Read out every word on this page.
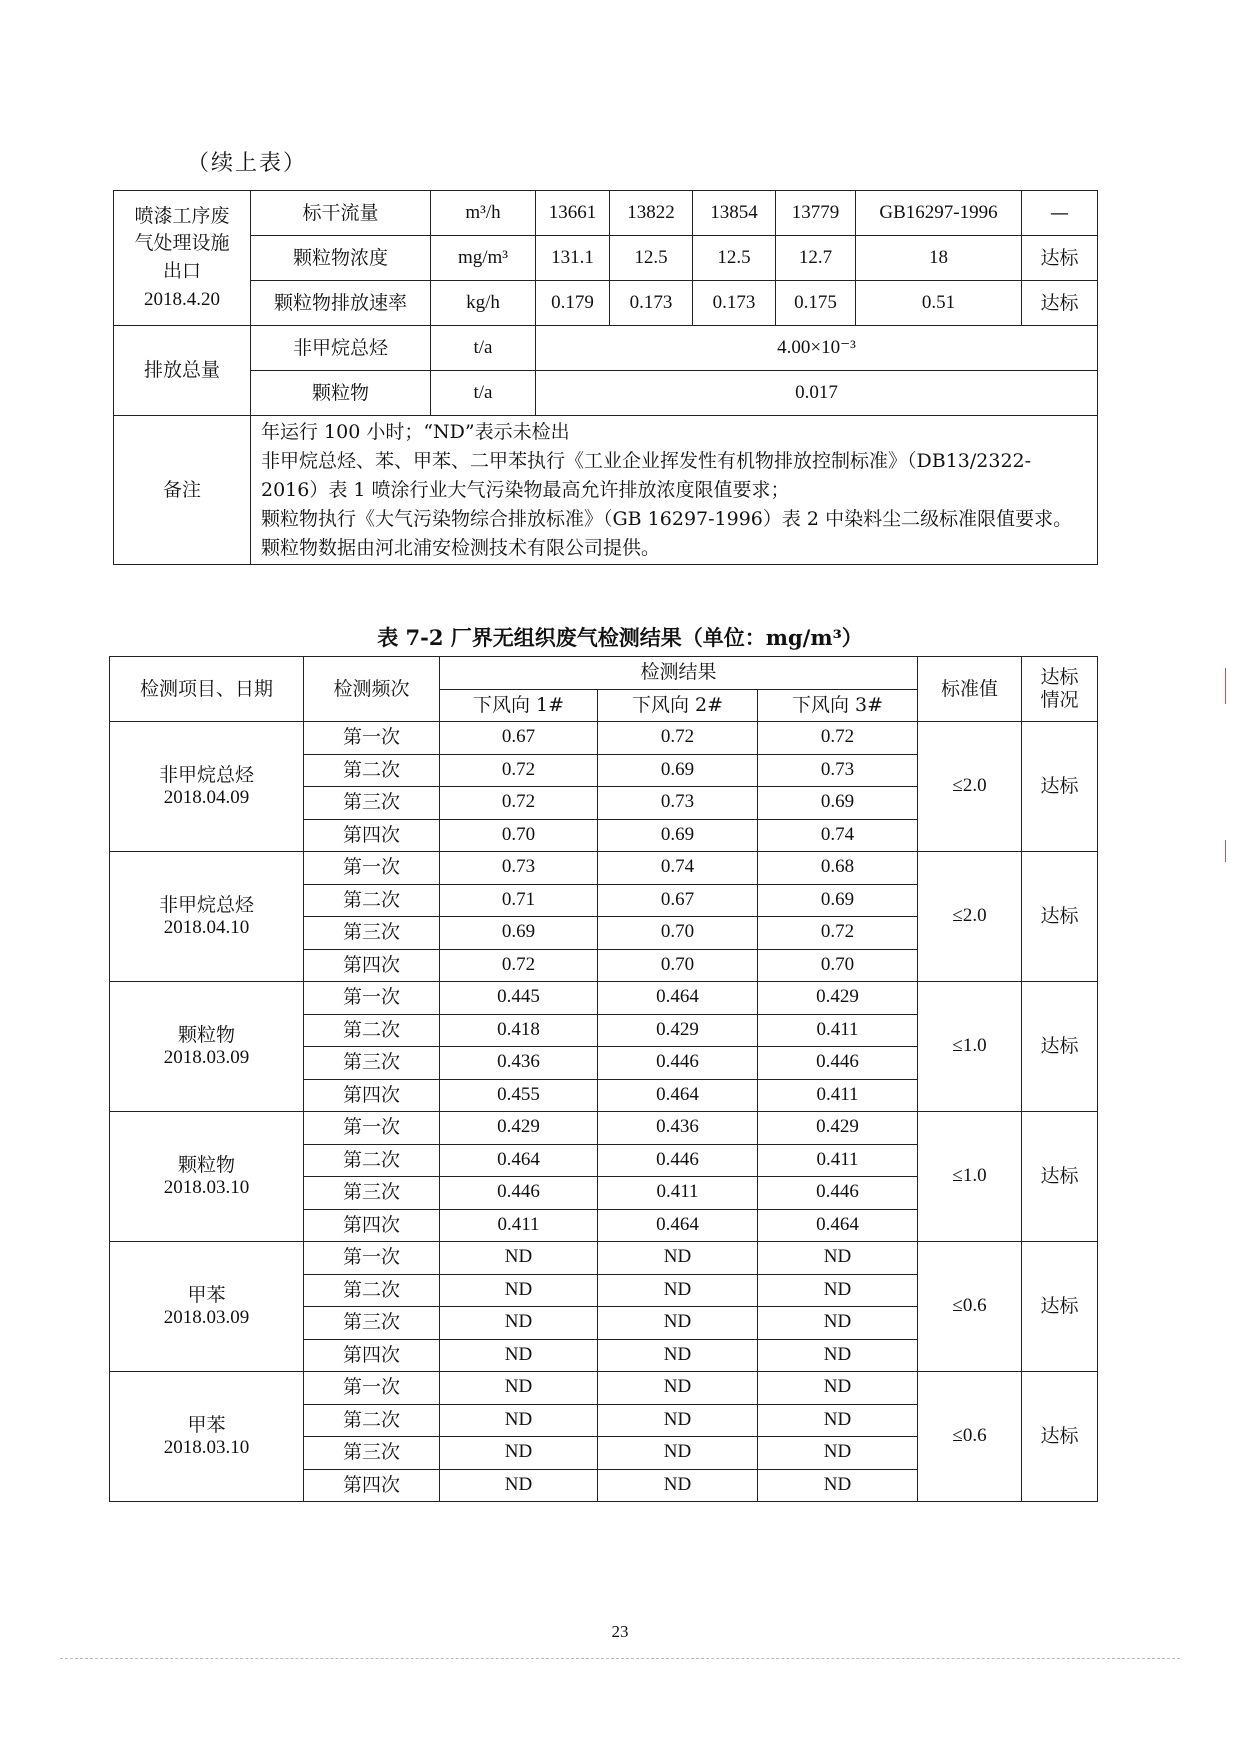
（续上表）
喷漆工序废
气处理设施
出口
2018.4.20	标干流量	m³/h	13661	13822	13854	13779	GB16297-1996	—
	颗粒物浓度	mg/m³	131.1	12.5	12.5	12.7	18	达标
	颗粒物排放速率	kg/h	0.179	0.173	0.173	0.175	0.51	达标
排放总量	非甲烷总烃	t/a	4.00×10⁻³					
	颗粒物	t/a	0.017					
备注	年运行 100 小时；“ND”表示未检出
非甲烷总烃、苯、甲苯、二甲苯执行《工业企业挥发性有机物排放控制标准》（DB13/2322-2016）表 1 喷涂行业大气污染物最高允许排放浓度限值要求；
颗粒物执行《大气污染物综合排放标准》（GB 16297-1996）表 2 中染料尘二级标准限值要求。
颗粒物数据由河北浦安检测技术有限公司提供。							
表 7-2 厂界无组织废气检测结果（单位：mg/m³）
检测项目、日期	检测频次	检测结果			标准值	达标
情况

		下风向 1#	下风向 2#	下风向 3#		

非甲烷总烃
2018.04.09	第一次	0.67	0.72	0.72	≤2.0	达标
	第二次	0.72	0.69	0.73		
	第三次	0.72	0.73	0.69		
	第四次	0.70	0.69	0.74		

非甲烷总烃
2018.04.10	第一次	0.73	0.74	0.68	≤2.0	达标
	第二次	0.71	0.67	0.69		
	第三次	0.69	0.70	0.72		
	第四次	0.72	0.70	0.70		

颗粒物
2018.03.09	第一次	0.445	0.464	0.429	≤1.0	达标
	第二次	0.418	0.429	0.411		
	第三次	0.436	0.446	0.446		
	第四次	0.455	0.464	0.411		

颗粒物
2018.03.10	第一次	0.429	0.436	0.429	≤1.0	达标
	第二次	0.464	0.446	0.411		
	第三次	0.446	0.411	0.446		
	第四次	0.411	0.464	0.464		

甲苯
2018.03.09	第一次	ND	ND	ND	≤0.6	达标
	第二次	ND	ND	ND		
	第三次	ND	ND	ND		
	第四次	ND	ND	ND		

甲苯
2018.03.10	第一次	ND	ND	ND	≤0.6	达标
	第二次	ND	ND	ND		
	第三次	ND	ND	ND		
	第四次	ND	ND	ND		
23
